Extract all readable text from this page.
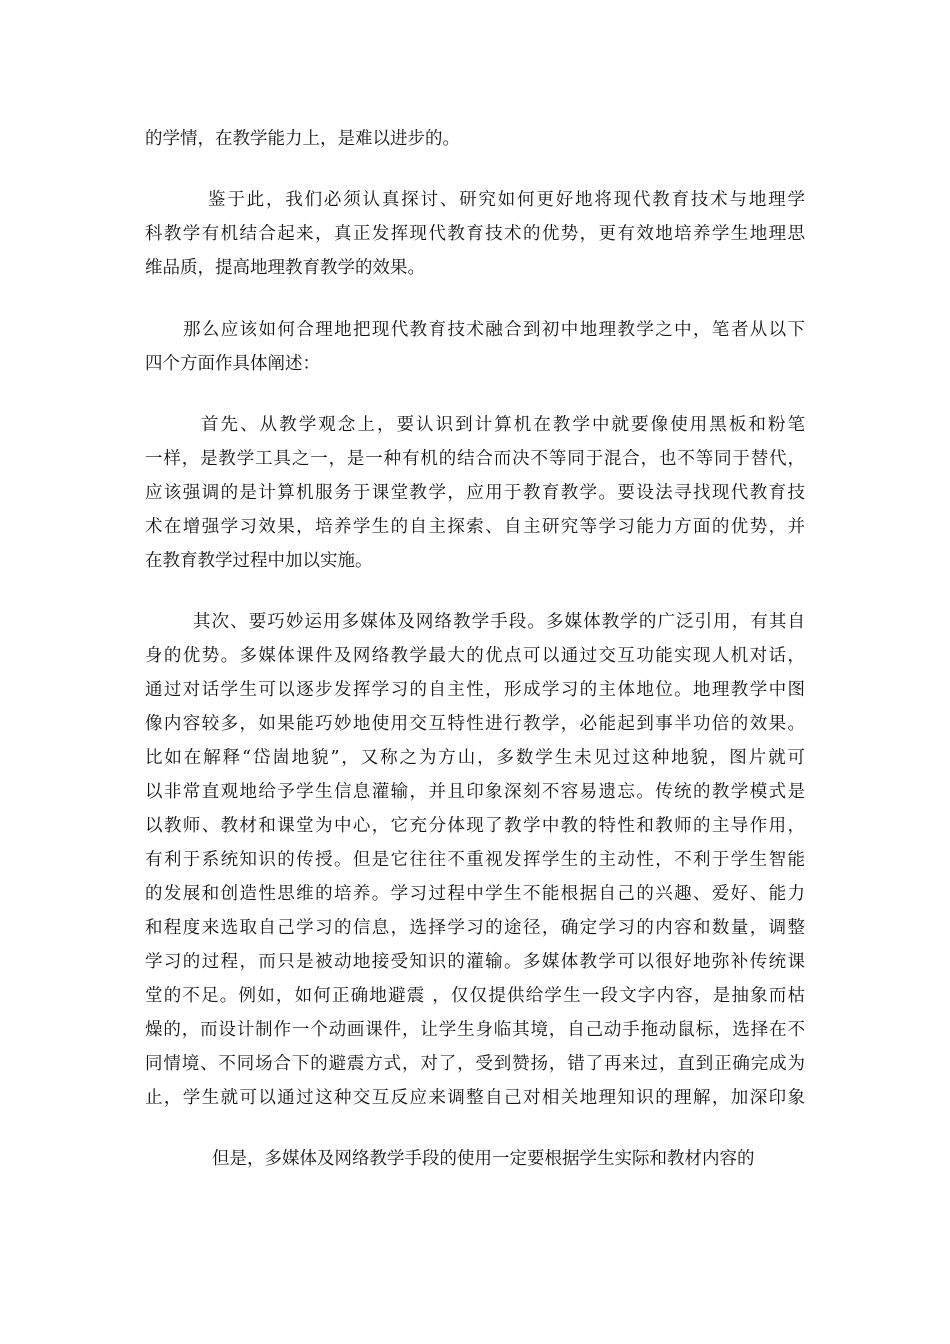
的学情，在教学能力上，是难以进步的。
鉴于此，我们必须认真探讨、研究如何更好地将现代教育技术与地理学
科教学有机结合起来，真正发挥现代教育技术的优势，更有效地培养学生地理思
维品质，提高地理教育教学的效果。
那么应该如何合理地把现代教育技术融合到初中地理教学之中，笔者从以下
四个方面作具体阐述：
首先、从教学观念上，要认识到计算机在教学中就要像使用黑板和粉笔
一样，是教学工具之一，是一种有机的结合而决不等同于混合，也不等同于替代，
应该强调的是计算机服务于课堂教学，应用于教育教学。要设法寻找现代教育技
术在增强学习效果，培养学生的自主探索、自主研究等学习能力方面的优势，并
在教育教学过程中加以实施。
其次、要巧妙运用多媒体及网络教学手段。多媒体教学的广泛引用，有其自
身的优势。多媒体课件及网络教学最大的优点可以通过交互功能实现人机对话，
通过对话学生可以逐步发挥学习的自主性，形成学习的主体地位。地理教学中图
像内容较多，如果能巧妙地使用交互特性进行教学，必能起到事半功倍的效果。
比如在解释“岱崮地貌”，又称之为方山，多数学生未见过这种地貌，图片就可
以非常直观地给予学生信息灌输，并且印象深刻不容易遗忘。传统的教学模式是
以教师、教材和课堂为中心，它充分体现了教学中教的特性和教师的主导作用，
有利于系统知识的传授。但是它往往不重视发挥学生的主动性，不利于学生智能
的发展和创造性思维的培养。学习过程中学生不能根据自己的兴趣、爱好、能力
和程度来选取自己学习的信息，选择学习的途径，确定学习的内容和数量，调整
学习的过程，而只是被动地接受知识的灌输。多媒体教学可以很好地弥补传统课
堂的不足。例如，如何正确地避震 ，仅仅提供给学生一段文字内容，是抽象而枯
燥的，而设计制作一个动画课件，让学生身临其境，自己动手拖动鼠标，选择在不
同情境、不同场合下的避震方式，对了，受到赞扬，错了再来过，直到正确完成为
止，学生就可以通过这种交互反应来调整自己对相关地理知识的理解，加深印象
但是，多媒体及网络教学手段的使用一定要根据学生实际和教材内容的
